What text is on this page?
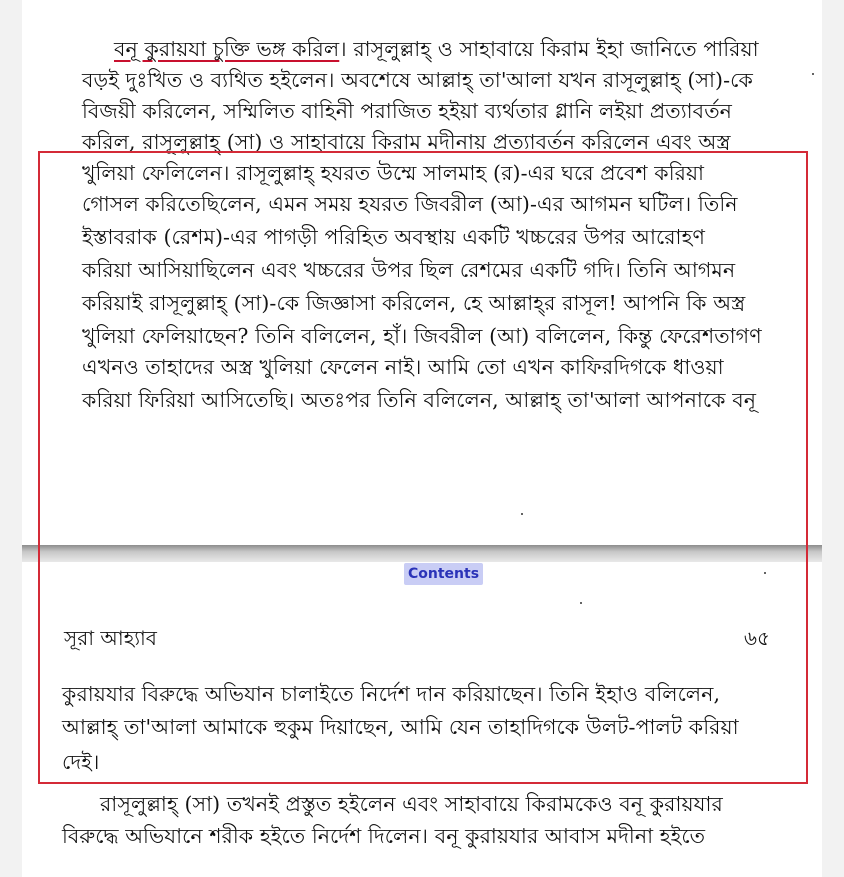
বনূ কুরায়যা চুক্তি ভঙ্গ করিল। রাসূলুল্লাহ্ ও সাহাবায়ে কিরাম ইহা জানিতে পারিয়া
বড়ই দুঃখিত ও ব্যথিত হইলেন। অবশেষে আল্লাহ্ তা'আলা যখন রাসূলুল্লাহ্ (সা)-কে
বিজয়ী করিলেন, সম্মিলিত বাহিনী পরাজিত হইয়া ব্যর্থতার গ্লানি লইয়া প্রত্যাবর্তন
করিল, রাসূলুল্লাহ্ (সা) ও সাহাবায়ে কিরাম মদীনায় প্রত্যাবর্তন করিলেন এবং অস্ত্র
খুলিয়া ফেলিলেন। রাসূলুল্লাহ্ হযরত উম্মে সালমাহ (র)-এর ঘরে প্রবেশ করিয়া
গোসল করিতেছিলেন, এমন সময় হযরত জিবরীল (আ)-এর আগমন ঘটিল। তিনি
ইস্তাবরাক (রেশম)-এর পাগড়ী পরিহিত অবস্থায় একটি খচ্চরের উপর আরোহণ
করিয়া আসিয়াছিলেন এবং খচ্চরের উপর ছিল রেশমের একটি গদি। তিনি আগমন
করিয়াই রাসূলুল্লাহ্ (সা)-কে জিজ্ঞাসা করিলেন, হে আল্লাহ্‌র রাসূল! আপনি কি অস্ত্র
খুলিয়া ফেলিয়াছেন? তিনি বলিলেন, হাঁ। জিবরীল (আ) বলিলেন, কিন্তু ফেরেশতাগণ
এখনও তাহাদের অস্ত্র খুলিয়া ফেলেন নাই। আমি তো এখন কাফিরদিগকে ধাওয়া
করিয়া ফিরিয়া আসিতেছি। অতঃপর তিনি বলিলেন, আল্লাহ্ তা'আলা আপনাকে বনূ
Contents
সূরা আহ্যাব	৬৫
কুরায়যার বিরুদ্ধে অভিযান চালাইতে নির্দেশ দান করিয়াছেন। তিনি ইহাও বলিলেন,
আল্লাহ্ তা'আলা আমাকে হুকুম দিয়াছেন, আমি যেন তাহাদিগকে উলট-পালট করিয়া
দেই।
রাসূলুল্লাহ্ (সা) তখনই প্রস্তুত হইলেন এবং সাহাবায়ে কিরামকেও বনূ কুরায়যার
বিরুদ্ধে অভিযানে শরীক হইতে নির্দেশ দিলেন। বনূ কুরায়যার আবাস মদীনা হইতে
